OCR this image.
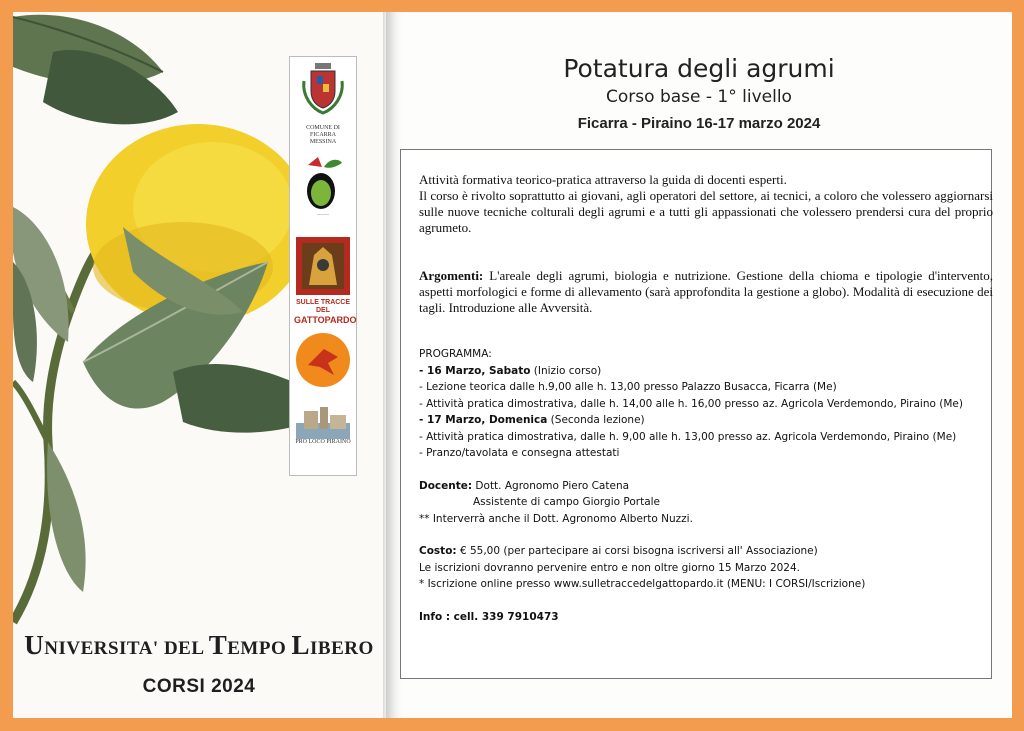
COMUNE DI FICARRA
MESSINA
———
SULLE TRACCE DEL
GATTOPARDO
PRO LOCO PIRAINO
UNIVERSITA' DEL TEMPO LIBERO
CORSI 2024
Potatura degli agrumi
Corso base - 1° livello
Ficarra - Piraino 16-17 marzo 2024
Attività formativa teorico-pratica attraverso la guida di docenti esperti.
Il corso è rivolto soprattutto ai giovani, agli operatori del settore, ai tecnici, a coloro che volessero aggiornarsi sulle nuove tecniche colturali degli agrumi e a tutti gli appassionati che volessero prendersi cura del proprio agrumeto.
Argomenti: L'areale degli agrumi, biologia e nutrizione. Gestione della chioma e tipologie d'intervento, aspetti morfologici e forme di allevamento (sarà approfondita la gestione a globo). Modalità di esecuzione dei tagli. Introduzione alle Avversità.
PROGRAMMA:
- 16 Marzo, Sabato (Inizio corso)
- Lezione teorica dalle h.9,00 alle h. 13,00 presso Palazzo Busacca, Ficarra (Me)
- Attività pratica dimostrativa, dalle h. 14,00 alle h. 16,00 presso az. Agricola Verdemondo, Piraino (Me)
- 17 Marzo, Domenica (Seconda lezione)
- Attività pratica dimostrativa, dalle h. 9,00 alle h. 13,00 presso az. Agricola Verdemondo, Piraino (Me)
- Pranzo/tavolata e consegna attestati
Docente: Dott. Agronomo Piero Catena
Assistente di campo Giorgio Portale
** Interverrà anche il Dott. Agronomo Alberto Nuzzi.
Costo: € 55,00 (per partecipare ai corsi bisogna iscriversi all' Associazione)
Le iscrizioni dovranno pervenire entro e non oltre giorno 15 Marzo 2024.
* Iscrizione online presso www.sulletraccedelgattopardo.it (MENU: I CORSI/Iscrizione)
Info : cell. 339 7910473
